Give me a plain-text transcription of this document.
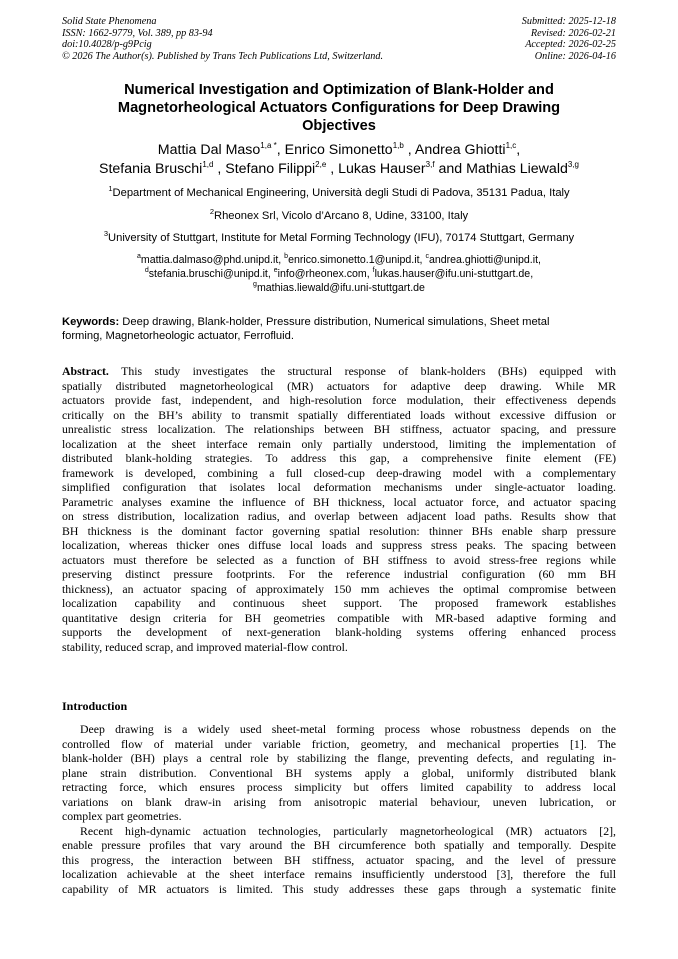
Solid State Phenomena
ISSN: 1662-9779, Vol. 389, pp 83-94
doi:10.4028/p-g9Pcig
© 2026 The Author(s). Published by Trans Tech Publications Ltd, Switzerland.
Submitted: 2025-12-18
Revised: 2026-02-21
Accepted: 2026-02-25
Online: 2026-04-16
Numerical Investigation and Optimization of Blank-Holder and
Magnetorheological Actuators Configurations for Deep Drawing
Objectives
Mattia Dal Maso$^{1,a *}$, Enrico Simonetto$^{1,b}$ , Andrea Ghiotti$^{1,c}$,
Stefania Bruschi$^{1,d}$ , Stefano Filippi$^{2,e}$ , Lukas Hauser$^{3,f}$ and Mathias Liewald$^{3,g}$
$^1$Department of Mechanical Engineering, Università degli Studi di Padova, 35131 Padua, Italy
$^2$Rheonex Srl, Vicolo d’Arcano 8, Udine, 33100, Italy
$^3$University of Stuttgart, Institute for Metal Forming Technology (IFU), 70174 Stuttgart, Germany
$^a$mattia.dalmaso@phd.unipd.it, $^b$enrico.simonetto.1@unipd.it, $^c$andrea.ghiotti@unipd.it,
$^d$stefania.bruschi@unipd.it, $^e$info@rheonex.com, $^f$lukas.hauser@ifu.uni-stuttgart.de,
$^g$mathias.liewald@ifu.uni-stuttgart.de
Keywords: Deep drawing, Blank-holder, Pressure distribution, Numerical simulations, Sheet metal
forming, Magnetorheologic actuator, Ferrofluid.
Abstract. This study investigates the structural response of blank-holders (BHs) equipped with
spatially distributed magnetorheological (MR) actuators for adaptive deep drawing. While MR
actuators provide fast, independent, and high-resolution force modulation, their effectiveness depends
critically on the BH’s ability to transmit spatially differentiated loads without excessive diffusion or
unrealistic stress localization. The relationships between BH stiffness, actuator spacing, and pressure
localization at the sheet interface remain only partially understood, limiting the implementation of
distributed blank-holding strategies. To address this gap, a comprehensive finite element (FE)
framework is developed, combining a full closed-cup deep-drawing model with a complementary
simplified configuration that isolates local deformation mechanisms under single-actuator loading.
Parametric analyses examine the influence of BH thickness, local actuator force, and actuator spacing
on stress distribution, localization radius, and overlap between adjacent load paths. Results show that
BH thickness is the dominant factor governing spatial resolution: thinner BHs enable sharp pressure
localization, whereas thicker ones diffuse local loads and suppress stress peaks. The spacing between
actuators must therefore be selected as a function of BH stiffness to avoid stress-free regions while
preserving distinct pressure footprints. For the reference industrial configuration (60 mm BH
thickness), an actuator spacing of approximately 150 mm achieves the optimal compromise between
localization capability and continuous sheet support. The proposed framework establishes
quantitative design criteria for BH geometries compatible with MR-based adaptive forming and
supports the development of next-generation blank-holding systems offering enhanced process
stability, reduced scrap, and improved material-flow control.
Introduction
Deep drawing is a widely used sheet-metal forming process whose robustness depends on the
controlled flow of material under variable friction, geometry, and mechanical properties [1]. The
blank-holder (BH) plays a central role by stabilizing the flange, preventing defects, and regulating in-
plane strain distribution. Conventional BH systems apply a global, uniformly distributed blank
retracting force, which ensures process simplicity but offers limited capability to address local
variations on blank draw-in arising from anisotropic material behaviour, uneven lubrication, or
complex part geometries.
Recent high-dynamic actuation technologies, particularly magnetorheological (MR) actuators [2],
enable pressure profiles that vary around the BH circumference both spatially and temporally. Despite
this progress, the interaction between BH stiffness, actuator spacing, and the level of pressure
localization achievable at the sheet interface remains insufficiently understood [3], therefore the full
capability of MR actuators is limited. This study addresses these gaps through a systematic finite
